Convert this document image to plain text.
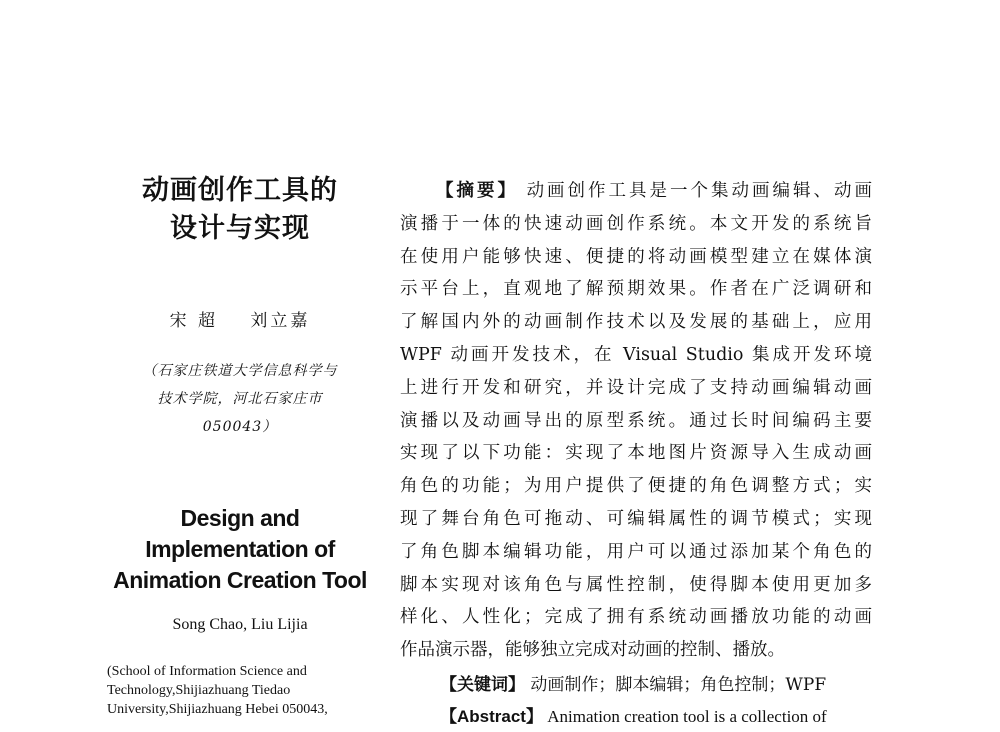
动画创作工具的
设计与实现
宋 超 刘立嘉
（石家庄铁道大学信息科学与
技术学院，河北石家庄市
050043）
Design and
Implementation of
Animation Creation Tool
Song Chao, Liu Lijia
(School of Information Science and
Technology,Shijiazhuang Tiedao
University,Shijiazhuang Hebei 050043,
【摘要】 动画创作工具是一个集动画编辑、动画
演播于一体的快速动画创作系统。本文开发的系统旨
在使用户能够快速、便捷的将动画模型建立在媒体演
示平台上，直观地了解预期效果。作者在广泛调研和
了解国内外的动画制作技术以及发展的基础上，应用
WPF 动画开发技术，在 Visual Studio 集成开发环境
上进行开发和研究，并设计完成了支持动画编辑动画
演播以及动画导出的原型系统。通过长时间编码主要
实现了以下功能：实现了本地图片资源导入生成动画
角色的功能；为用户提供了便捷的角色调整方式；实
现了舞台角色可拖动、可编辑属性的调节模式；实现
了角色脚本编辑功能，用户可以通过添加某个角色的
脚本实现对该角色与属性控制，使得脚本使用更加多
样化、人性化；完成了拥有系统动画播放功能的动画
作品演示器，能够独立完成对动画的控制、播放。
【关键词】 动画制作；脚本编辑；角色控制；WPF
【Abstract】 Animation creation tool is a collection of
